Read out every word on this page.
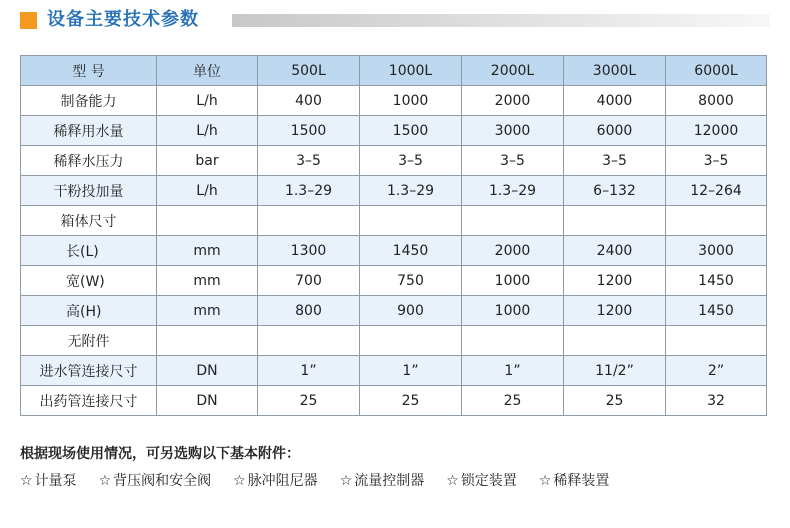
设备主要技术参数
型 号	单位	500L	1000L	2000L	3000L	6000L
制备能力	L/h	400	1000	2000	4000	8000
稀释用水量	L/h	1500	1500	3000	6000	12000
稀释水压力	bar	3–5	3–5	3–5	3–5	3–5
干粉投加量	L/h	1.3–29	1.3–29	1.3–29	6–132	12–264
箱体尺寸						
长(L)	mm	1300	1450	2000	2400	3000
宽(W)	mm	700	750	1000	1200	1450
高(H)	mm	800	900	1000	1200	1450
无附件						
进水管连接尺寸	DN	1”	1”	1”	11/2”	2”
出药管连接尺寸	DN	25	25	25	25	32
根据现场使用情况，可另选购以下基本附件：
☆ 计量泵 ☆ 背压阀和安全阀 ☆ 脉冲阻尼器 ☆ 流量控制器 ☆ 锁定装置 ☆ 稀释装置
